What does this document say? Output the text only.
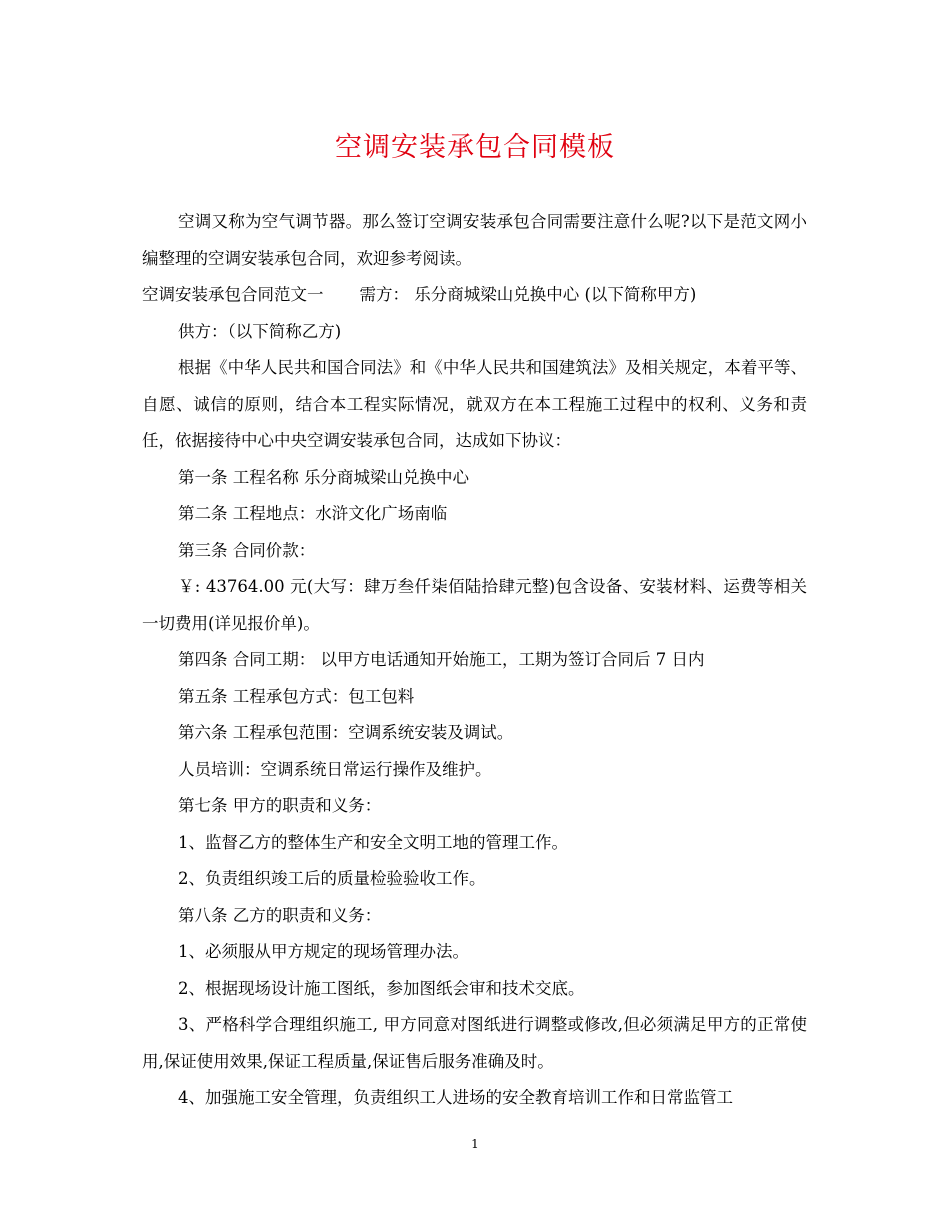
空调安装承包合同模板

空调又称为空气调节器。那么签订空调安装承包合同需要注意什么呢?以下是范文网小编整理的空调安装承包合同，欢迎参考阅读。

空调安装承包合同范文一 需方： 乐分商城梁山兑换中心 (以下简称甲方)

供方：（以下简称乙方)

根据《中华人民共和国合同法》和《中华人民共和国建筑法》及相关规定，本着平等、自愿、诚信的原则，结合本工程实际情况，就双方在本工程施工过程中的权利、义务和责任，依据接待中心中央空调安装承包合同，达成如下协议：

第一条 工程名称 乐分商城梁山兑换中心

第二条 工程地点：水浒文化广场南临

第三条 合同价款：

￥: 43764.00 元(大写：肆万叁仟柒佰陆拾肆元整)包含设备、安装材料、运费等相关一切费用(详见报价单)。

第四条 合同工期： 以甲方电话通知开始施工，工期为签订合同后 7 日内

第五条 工程承包方式：包工包料

第六条 工程承包范围：空调系统安装及调试。

人员培训：空调系统日常运行操作及维护。

第七条 甲方的职责和义务：

1、监督乙方的整体生产和安全文明工地的管理工作。

2、负责组织竣工后的质量检验验收工作。

第八条 乙方的职责和义务：

1、必须服从甲方规定的现场管理办法。

2、根据现场设计施工图纸，参加图纸会审和技术交底。

3、严格科学合理组织施工, 甲方同意对图纸进行调整或修改,但必须满足甲方的正常使用,保证使用效果,保证工程质量,保证售后服务准确及时。

4、加强施工安全管理，负责组织工人进场的安全教育培训工作和日常监管工

1
